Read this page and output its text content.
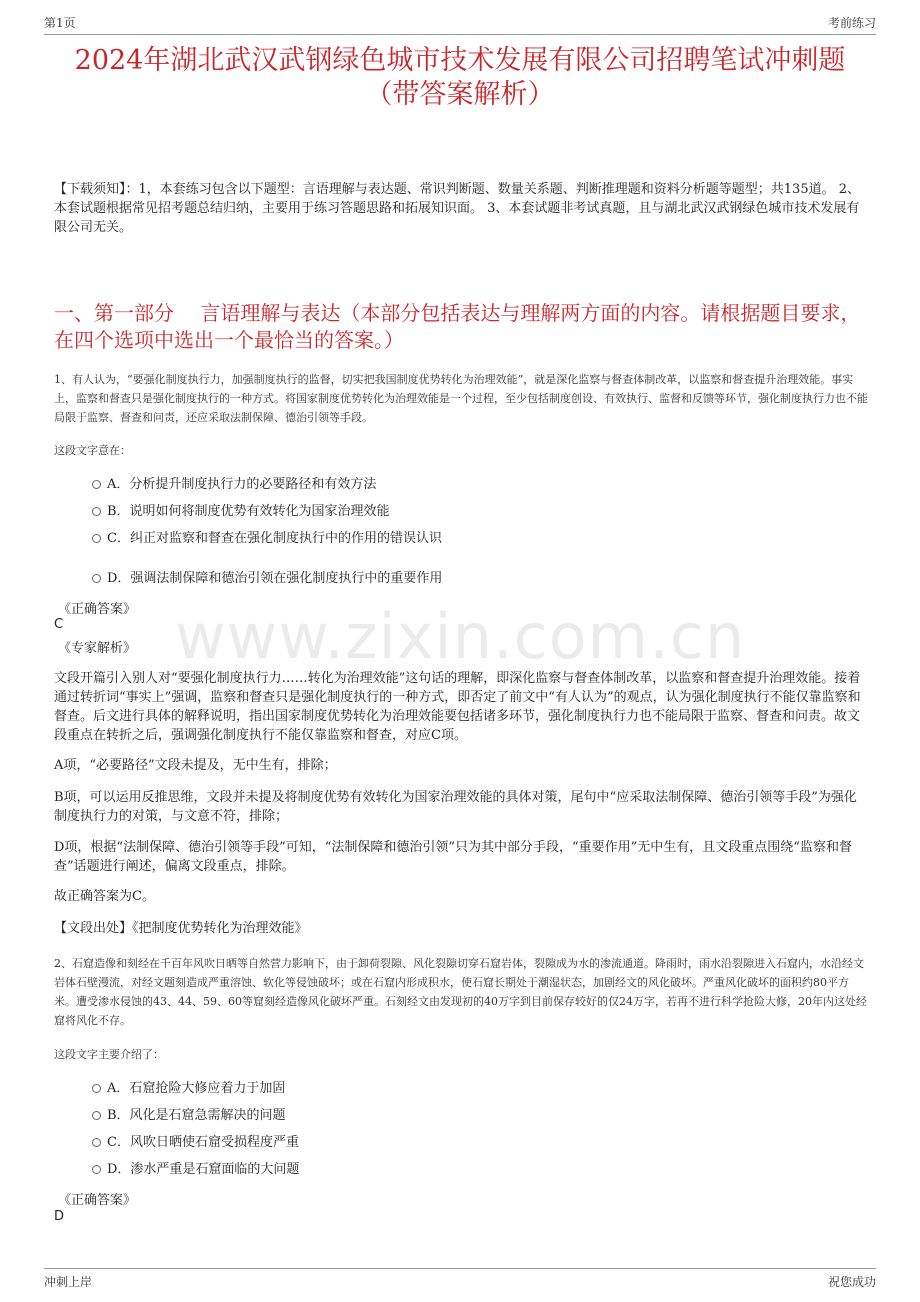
第1页	考前练习
www.zixin.com.cn
2024年湖北武汉武钢绿色城市技术发展有限公司招聘笔试冲刺题（带答案解析）
【下载须知】：1，本套练习包含以下题型：言语理解与表达题、常识判断题、数量关系题、判断推理题和资料分析题等题型；共135道。 2、本套试题根据常见招考题总结归纳，主要用于练习答题思路和拓展知识面。 3、本套试题非考试真题，且与湖北武汉武钢绿色城市技术发展有限公司无关。
一、第一部分　 言语理解与表达（本部分包括表达与理解两方面的内容。请根据题目要求，在四个选项中选出一个最恰当的答案。）
1、有人认为，“要强化制度执行力，加强制度执行的监督，切实把我国制度优势转化为治理效能”，就是深化监察与督查体制改革，以监察和督查提升治理效能。事实上，监察和督查只是强化制度执行的一种方式。将国家制度优势转化为治理效能是一个过程，至少包括制度创设、有效执行、监督和反馈等环节，强化制度执行力也不能局限于监察、督查和问责，还应采取法制保障、德治引领等手段。
这段文字意在：
A．分析提升制度执行力的必要路径和有效方法
B．说明如何将制度优势有效转化为国家治理效能
C．纠正对监察和督查在强化制度执行中的作用的错误认识
D．强调法制保障和德治引领在强化制度执行中的重要作用
《正确答案》
C
《专家解析》
文段开篇引入别人对“要强化制度执行力……转化为治理效能”这句话的理解，即深化监察与督查体制改革，以监察和督查提升治理效能。接着通过转折词“事实上”强调，监察和督查只是强化制度执行的一种方式，即否定了前文中“有人认为”的观点，认为强化制度执行不能仅靠监察和督查。后文进行具体的解释说明，指出国家制度优势转化为治理效能要包括诸多环节，强化制度执行力也不能局限于监察、督查和问责。故文段重点在转折之后，强调强化制度执行不能仅靠监察和督查，对应C项。
A项，“必要路径”文段未提及，无中生有，排除；
B项，可以运用反推思维，文段并未提及将制度优势有效转化为国家治理效能的具体对策，尾句中“应采取法制保障、德治引领等手段”为强化制度执行力的对策，与文意不符，排除；
D项，根据“法制保障、德治引领等手段”可知，“法制保障和德治引领”只为其中部分手段，“重要作用”无中生有，且文段重点围绕“监察和督查”话题进行阐述，偏离文段重点，排除。
故正确答案为C。
【文段出处】《把制度优势转化为治理效能》
2、石窟造像和刻经在千百年风吹日晒等自然营力影响下，由于卸荷裂隙、风化裂隙切穿石窟岩体，裂隙成为水的渗流通道。降雨时，雨水沿裂隙进入石窟内，水沿经文岩体石壁漫流，对经文题刻造成严重溶蚀、软化等侵蚀破坏；或在石窟内形成积水，使石窟长期处于潮湿状态，加剧经文的风化破坏。严重风化破坏的面积约80平方米。遭受渗水侵蚀的43、44、59、60等窟刻经造像风化破坏严重。石刻经文由发现初的40万字到目前保存较好的仅24万字，若再不进行科学抢险大修，20年内这处经窟将风化不存。
这段文字主要介绍了：
A．石窟抢险大修应着力于加固
B．风化是石窟急需解决的问题
C．风吹日晒使石窟受损程度严重
D．渗水严重是石窟面临的大问题
《正确答案》
D
冲刺上岸	祝您成功
